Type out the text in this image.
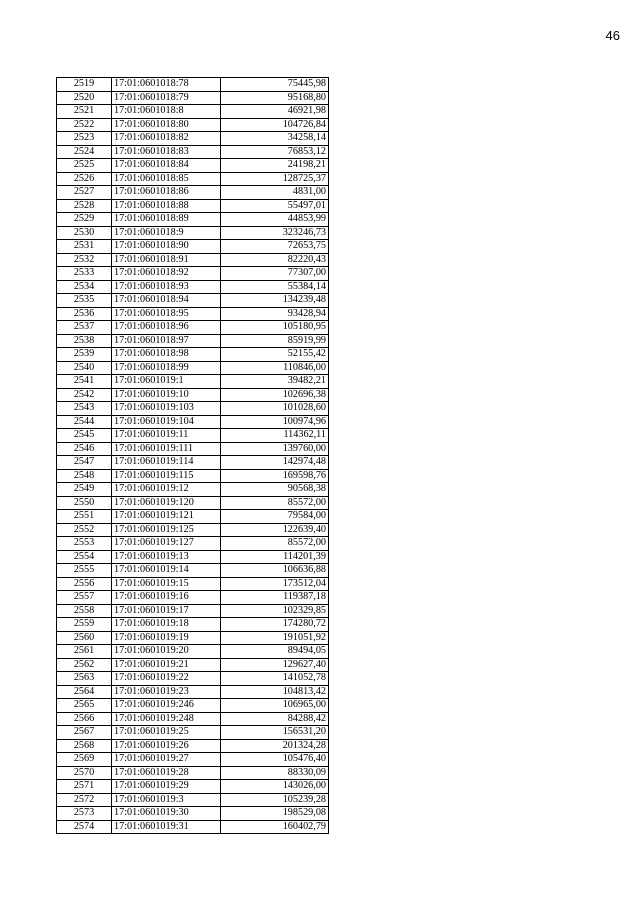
46
2519	17:01:0601018:78	75445,98
2520	17:01:0601018:79	95168,80
2521	17:01:0601018:8	46921,98
2522	17:01:0601018:80	104726,84
2523	17:01:0601018:82	34258,14
2524	17:01:0601018:83	76853,12
2525	17:01:0601018:84	24198,21
2526	17:01:0601018:85	128725,37
2527	17:01:0601018:86	4831,00
2528	17:01:0601018:88	55497,01
2529	17:01:0601018:89	44853,99
2530	17:01:0601018:9	323246,73
2531	17:01:0601018:90	72653,75
2532	17:01:0601018:91	82220,43
2533	17:01:0601018:92	77307,00
2534	17:01:0601018:93	55384,14
2535	17:01:0601018:94	134239,48
2536	17:01:0601018:95	93428,94
2537	17:01:0601018:96	105180,95
2538	17:01:0601018:97	85919,99
2539	17:01:0601018:98	52155,42
2540	17:01:0601018:99	110846,00
2541	17:01:0601019:1	39482,21
2542	17:01:0601019:10	102696,38
2543	17:01:0601019:103	101028,60
2544	17:01:0601019:104	100974,96
2545	17:01:0601019:11	114362,11
2546	17:01:0601019:111	139760,00
2547	17:01:0601019:114	142974,48
2548	17:01:0601019:115	169598,76
2549	17:01:0601019:12	90568,38
2550	17:01:0601019:120	85572,00
2551	17:01:0601019:121	79584,00
2552	17:01:0601019:125	122639,40
2553	17:01:0601019:127	85572,00
2554	17:01:0601019:13	114201,39
2555	17:01:0601019:14	106636,88
2556	17:01:0601019:15	173512,04
2557	17:01:0601019:16	119387,18
2558	17:01:0601019:17	102329,85
2559	17:01:0601019:18	174280,72
2560	17:01:0601019:19	191051,92
2561	17:01:0601019:20	89494,05
2562	17:01:0601019:21	129627,40
2563	17:01:0601019:22	141052,78
2564	17:01:0601019:23	104813,42
2565	17:01:0601019:246	106965,00
2566	17:01:0601019:248	84288,42
2567	17:01:0601019:25	156531,20
2568	17:01:0601019:26	201324,28
2569	17:01:0601019:27	105476,40
2570	17:01:0601019:28	88330,09
2571	17:01:0601019:29	143026,00
2572	17:01:0601019:3	105239,28
2573	17:01:0601019:30	198529,08
2574	17:01:0601019:31	160402,79
